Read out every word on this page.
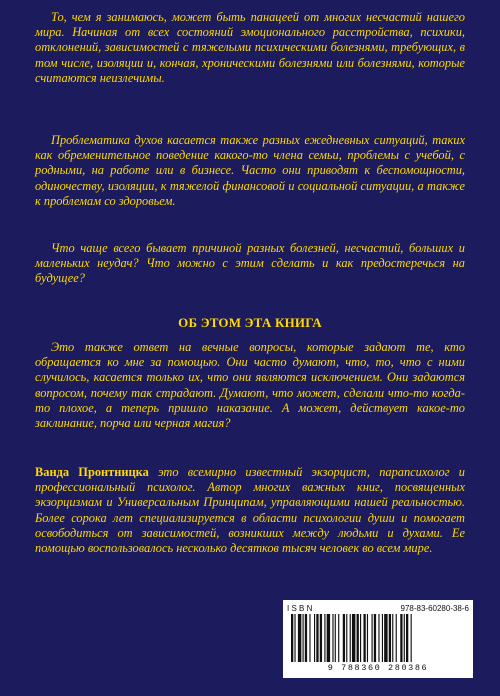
То, чем я занимаюсь, может быть панацеей от многих несчастий нашего мира. Начиная от всех состояний эмоционального расстройства, психики, отклонений, зависимостей с тяжелыми психическими болезнями, требующих, в том числе, изоляции и, кончая, хроническими болезнями или болезнями, которые считаются неизлечимы.

Проблематика духов касается также разных ежедневных ситуаций, таких как обременительное поведение какого-то члена семьи, проблемы с учебой, с родными, на работе или в бизнесе. Часто они приводят к беспомощности, одиночеству, изоляции, к тяжелой финансовой и социальной ситуации, а также к проблемам со здоровьем.

Что чаще всего бывает причиной разных болезней, несчастий, больших и маленьких неудач? Что можно с этим сделать и как предостеречься на будущее?

ОБ ЭТОМ ЭТА КНИГА

Это также ответ на вечные вопросы, которые задают те, кто обращается ко мне за помощью. Они часто думают, что, то, что с ними случилось, касается только их, что они являются исключением. Они задаются вопросом, почему так страдают. Думают, что может, сделали что-то когда-то плохое, а теперь пришло наказание. А может, действует какое-то заклинание, порча или черная магия?

Ванда Пронтницка это всемирно известный экзорцист, парапсихолог и профессиональный психолог. Автор многих важных книг, посвященных экзорцизмам и Универсальным Принципам, управляющими нашей реальностью. Более сорока лет специализируется в области психологии души и помогает освободиться от зависимостей, возникших между людьми и духами. Ее помощью воспользовалось несколько десятков тысяч человек во всем мире.

I S B N	978-83-60280-38-6
9 788360 280386
